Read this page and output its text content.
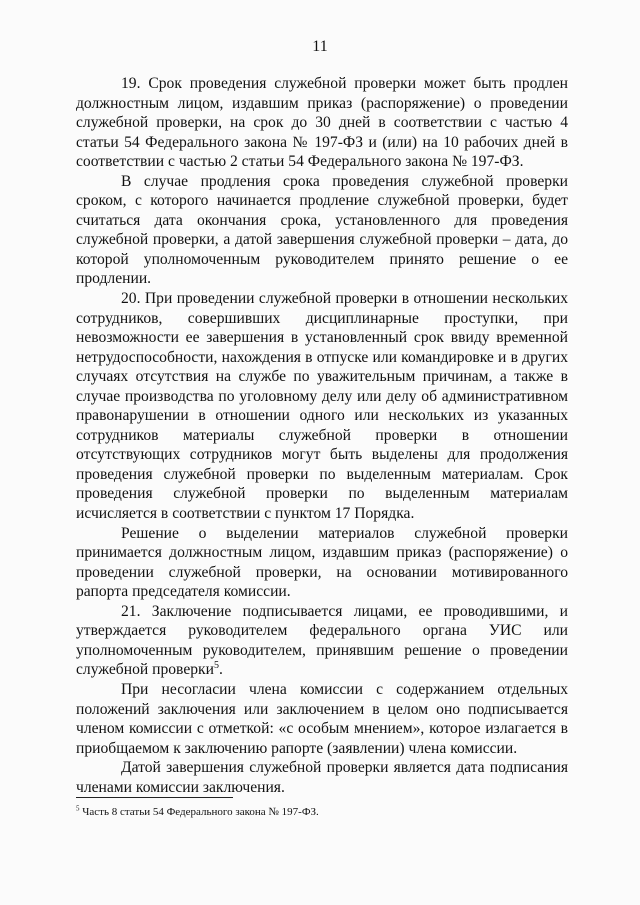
11

19. Срок проведения служебной проверки может быть продлен должностным лицом, издавшим приказ (распоряжение) о проведении служебной проверки, на срок до 30 дней в соответствии с частью 4 статьи 54 Федерального закона № 197-ФЗ и (или) на 10 рабочих дней в соответствии с частью 2 статьи 54 Федерального закона № 197-ФЗ.

В случае продления срока проведения служебной проверки сроком, с которого начинается продление служебной проверки, будет считаться дата окончания срока, установленного для проведения служебной проверки, а датой завершения служебной проверки – дата, до которой уполномоченным руководителем принято решение о ее продлении.

20. При проведении служебной проверки в отношении нескольких сотрудников, совершивших дисциплинарные проступки, при невозможности ее завершения в установленный срок ввиду временной нетрудоспособности, нахождения в отпуске или командировке и в других случаях отсутствия на службе по уважительным причинам, а также в случае производства по уголовному делу или делу об административном правонарушении в отношении одного или нескольких из указанных сотрудников материалы служебной проверки в отношении отсутствующих сотрудников могут быть выделены для продолжения проведения служебной проверки по выделенным материалам. Срок проведения служебной проверки по выделенным материалам исчисляется в соответствии с пунктом 17 Порядка.

Решение о выделении материалов служебной проверки принимается должностным лицом, издавшим приказ (распоряжение) о проведении служебной проверки, на основании мотивированного рапорта председателя комиссии.

21. Заключение подписывается лицами, ее проводившими, и утверждается руководителем федерального органа УИС или уполномоченным руководителем, принявшим решение о проведении служебной проверки$^5$.

При несогласии члена комиссии с содержанием отдельных положений заключения или заключением в целом оно подписывается членом комиссии с отметкой: «с особым мнением», которое излагается в приобщаемом к заключению рапорте (заявлении) члена комиссии.

Датой завершения служебной проверки является дата подписания членами комиссии заключения.

$^5$ Часть 8 статьи 54 Федерального закона № 197-ФЗ.
